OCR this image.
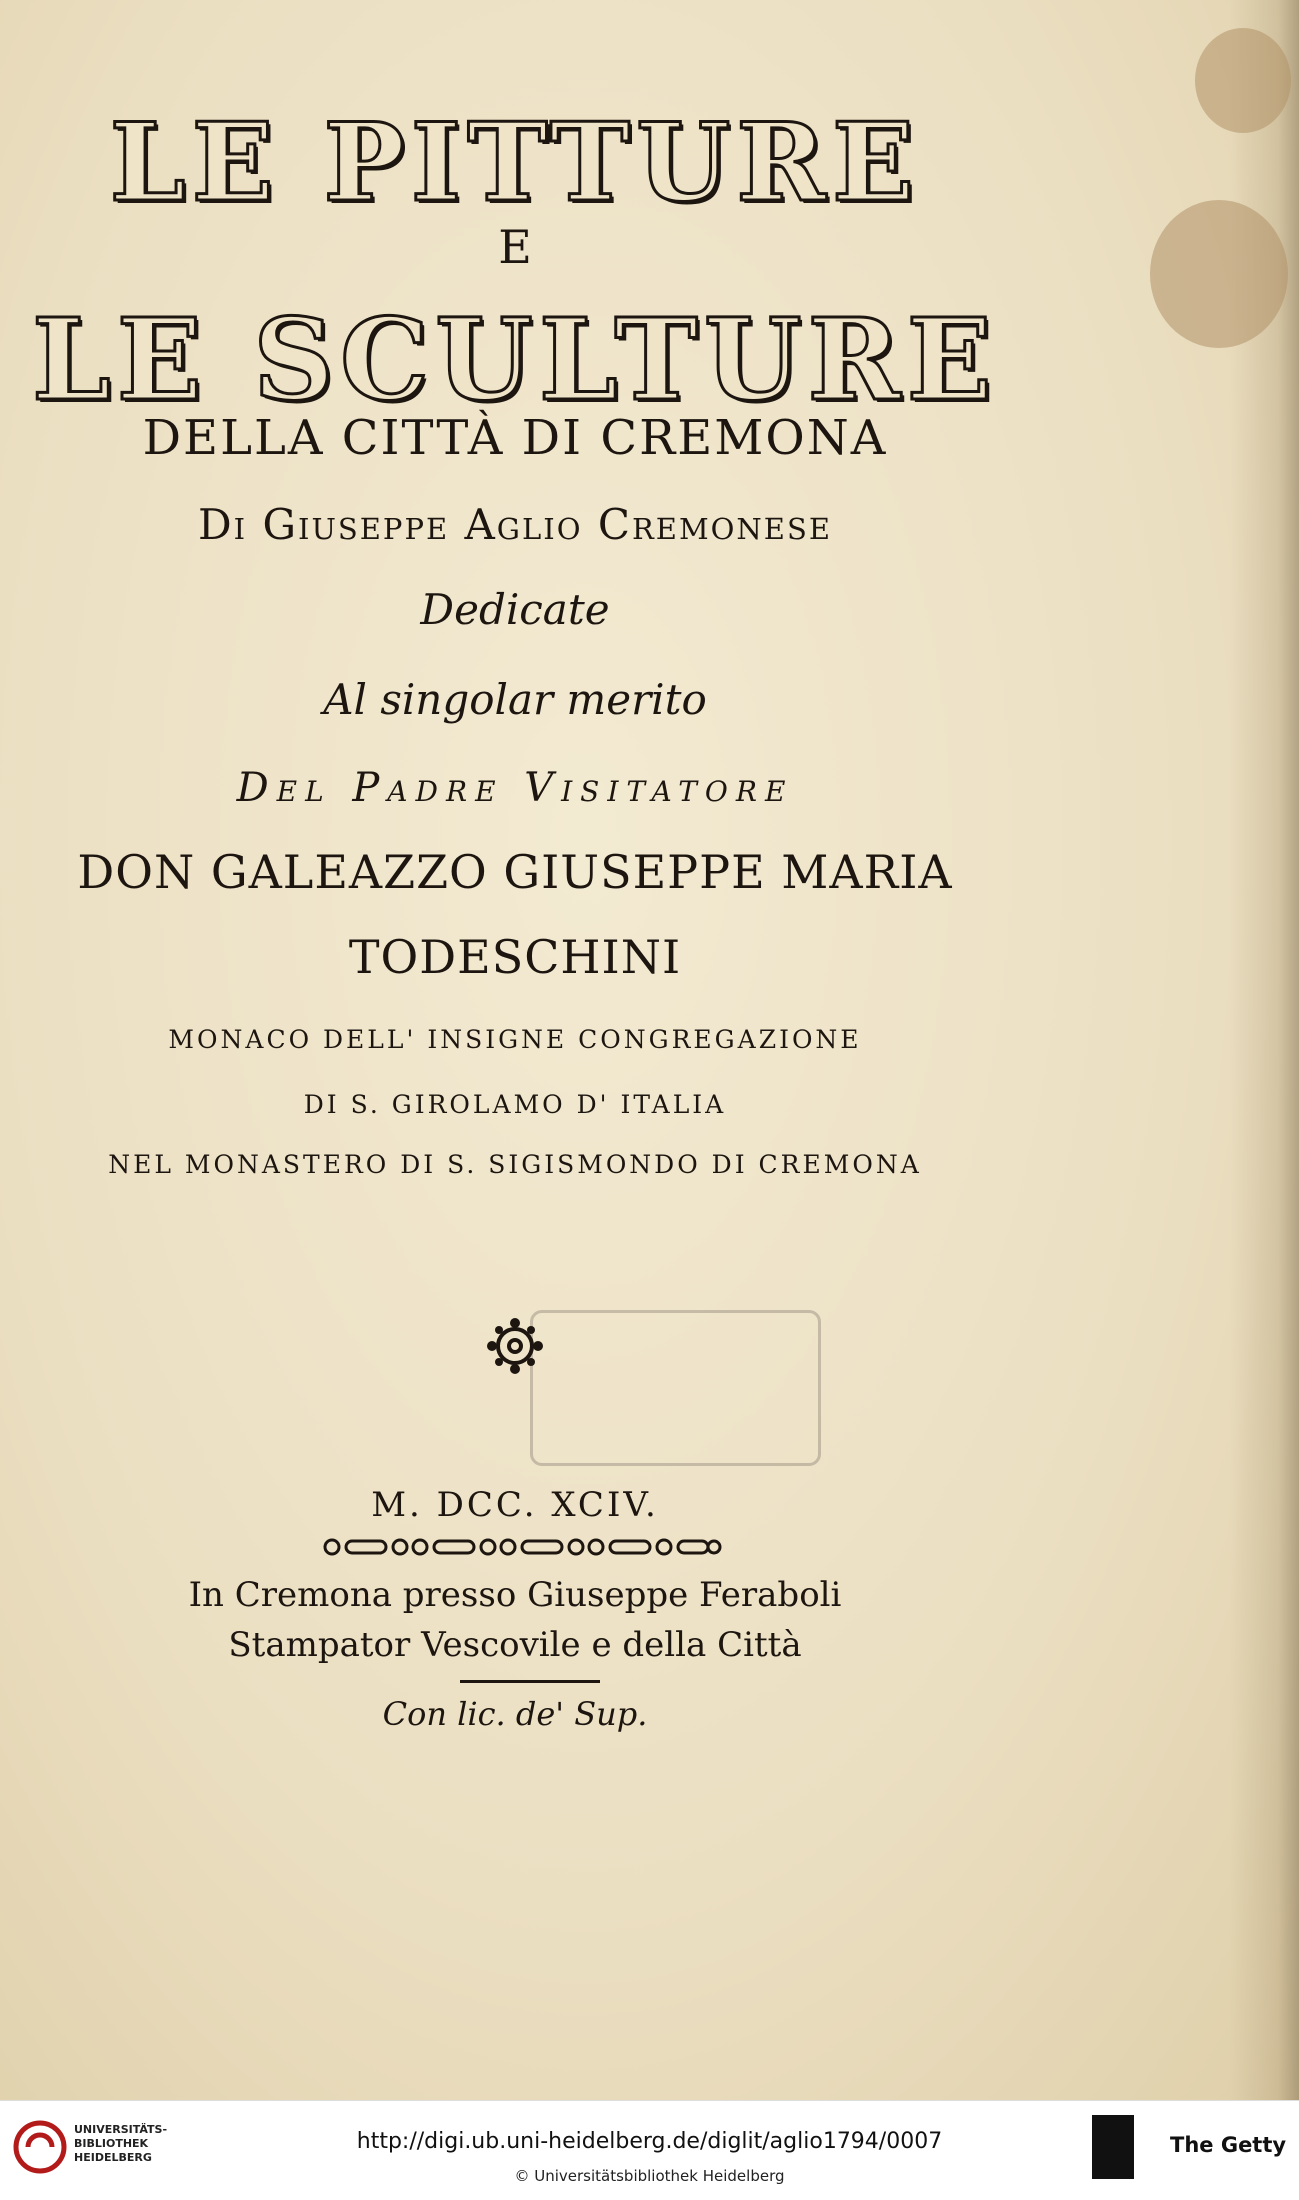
LE PITTURE
E
LE SCULTURE
DELLA CITTÀ DI CREMONA
Di Giuseppe Aglio Cremonese
Dedicate
Al singolar merito
Del Padre Visitatore
DON GALEAZZO GIUSEPPE MARIA
TODESCHINI
MONACO DELL' INSIGNE CONGREGAZIONE
DI S. GIROLAMO D' ITALIA
NEL MONASTERO DI S. SIGISMONDO DI CREMONA
M. DCC. XCIV.
In Cremona presso Giuseppe Feraboli
Stampator Vescovile e della Città
Con lic. de' Sup.
UNIVERSITÄTS-
BIBLIOTHEK
HEIDELBERG
http://digi.ub.uni-heidelberg.de/diglit/aglio1794/0007
© Universitätsbibliothek Heidelberg
The Getty
